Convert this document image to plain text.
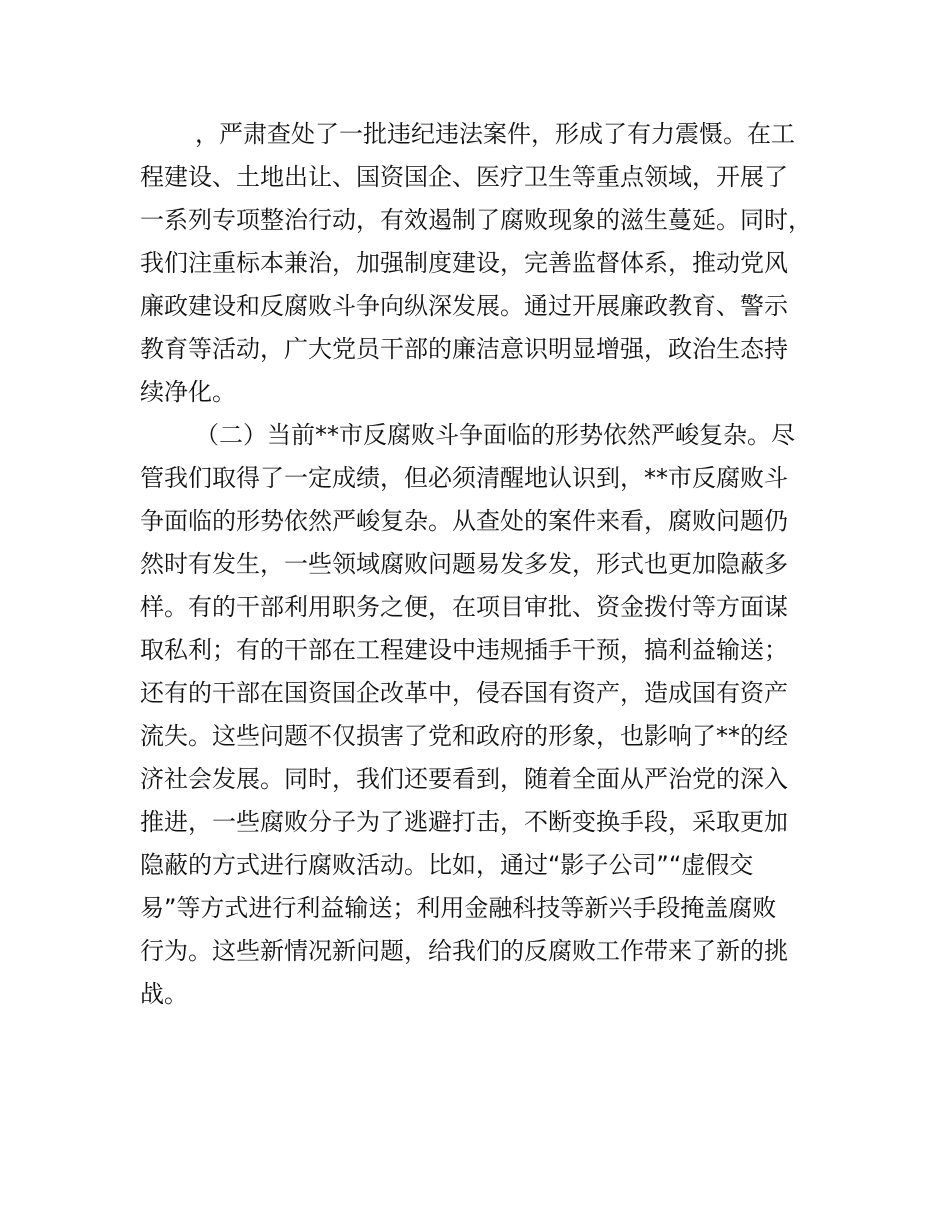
，严肃查处了一批违纪违法案件，形成了有力震慑。在工
程建设、土地出让、国资国企、医疗卫生等重点领域，开展了
一系列专项整治行动，有效遏制了腐败现象的滋生蔓延。同时，
我们注重标本兼治，加强制度建设，完善监督体系，推动党风
廉政建设和反腐败斗争向纵深发展。通过开展廉政教育、警示
教育等活动，广大党员干部的廉洁意识明显增强，政治生态持
续净化。
（二）当前**市反腐败斗争面临的形势依然严峻复杂。尽
管我们取得了一定成绩，但必须清醒地认识到，**市反腐败斗
争面临的形势依然严峻复杂。从查处的案件来看，腐败问题仍
然时有发生，一些领域腐败问题易发多发，形式也更加隐蔽多
样。有的干部利用职务之便，在项目审批、资金拨付等方面谋
取私利；有的干部在工程建设中违规插手干预，搞利益输送；
还有的干部在国资国企改革中，侵吞国有资产，造成国有资产
流失。这些问题不仅损害了党和政府的形象，也影响了**的经
济社会发展。同时，我们还要看到，随着全面从严治党的深入
推进，一些腐败分子为了逃避打击，不断变换手段，采取更加
隐蔽的方式进行腐败活动。比如，通过“影子公司”“虚假交
易”等方式进行利益输送；利用金融科技等新兴手段掩盖腐败
行为。这些新情况新问题，给我们的反腐败工作带来了新的挑
战。
